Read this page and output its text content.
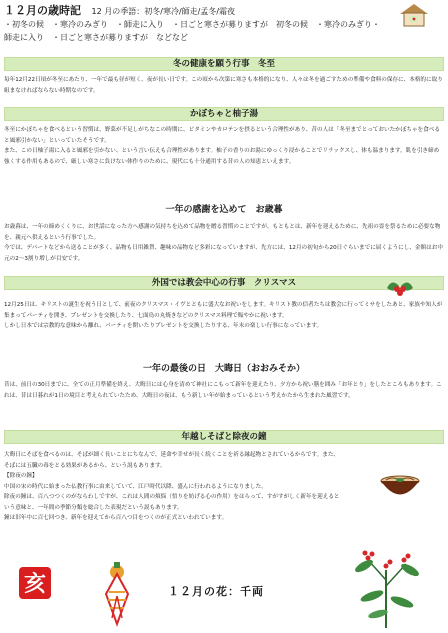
１２月の歳時記 12 月の季語：初冬/寒冷/師走/孟冬/霜夜
・初冬の候　・寒冷のみぎり　・師走に入り　・日ごと寒さが募りますが　初冬の候　・寒冷のみぎり・
師走に入り　・日ごと寒さが募りますが　などなど
冬の健康を願う行事　冬至

毎年12月22日頃が冬至にあたり、一年で最も昼が短く、夜が長い日です。この頃から次第に寒さも本格的になり、人々は冬を過ごすための準備や食料の保存に、本格的に取り組まなければならない時期なのです。

かぼちゃと柚子湯

冬至にかぼちゃを食べるという習慣は、野菜が不足しがちなこの時期に、ビタミンやカロテンを摂るという合理性があり、昔の人は「冬至までとっておいたかぼちゃを食べると風邪引かない」といっていたそうです。

また、この日柚子湯に入ると風邪を引かない、という言い伝えも合理性があります。柚子の香りのお湯にゆっくり浸かることでリラックスし、体も温まります。肌を引き締め強くする作用もあるので、厳しい寒さに負けない体作りのために、現代にも十分通用する昔の人の知恵といえます。

一年の感謝を込めて　お歳暮

お歳暮は、一年の締めくくりに、お世話になった方へ感謝の気持ちを込めて品物を贈る習慣のことですが、もともとは、新年を迎えるために、先祖の霊を祭るために必要な物を、親元へ供えるという行事でした。

今では、デパートなどから送ることが多く、品物も日用雑貨、趣味の品物など多彩になっていますが、先方には、12月の初旬から20日ぐらいまでに届くようにし、金額はお中元の2〜3割り増しが目安です。

外国では教会中心の行事　クリスマス

12月25日は、キリストの誕生を祝う日として、前夜のクリスマス・イヴとともに盛大なお祝いをします。キリスト教の信者たちは教会に行ってミサをしたあと、家族や知人が集まってパーティを開き、プレゼントを交換したり、七面鳥の丸焼きなどのクリスマス料理で賑やかに祝います。

しかし日本では宗教的な意味から離れ、パーティを開いたりプレゼントを交換したりする、年末の楽しい行事になっています。

一年の最後の日　大晦日（おおみそか）

昔は、前日の30日までに、全ての正月準備を終え、大晦日には心身を清めて神社にこもって新年を迎えたり、夕方から祝い膳を囲み「お年とり」をしたところもあります。これは、昔は日暮れが1日の境目と考えられていたため、大晦日の夜は、もう新しい年が始まっているという考えかたから生まれた風習です。

年越しそばと除夜の鐘

大晦日にそばを食べるのは、そばが細く長いことにちなんで、延命や幸せが長く続くことを祈る縁起物とされているからです。また、そばには五臓の毒をとる効果があるから、という説もあります。

【除夜の鐘】

中国の宋の時代に始まった仏教行事に由来していて、江戸時代以降、盛んに行われるようになりました。

除夜の鐘は、百八つつくのがならわしですが、これは人間の煩悩（悟りを妨げる心の作用）をはらって、すがすがしく新年を迎えるという意味と、一年間の季節分類を総合した表現だという説もあります。

鐘は旧年中に百七回つき、新年を迎えてから百八つ目をつくのが正式といわれています。

亥	１２月の花：千両
